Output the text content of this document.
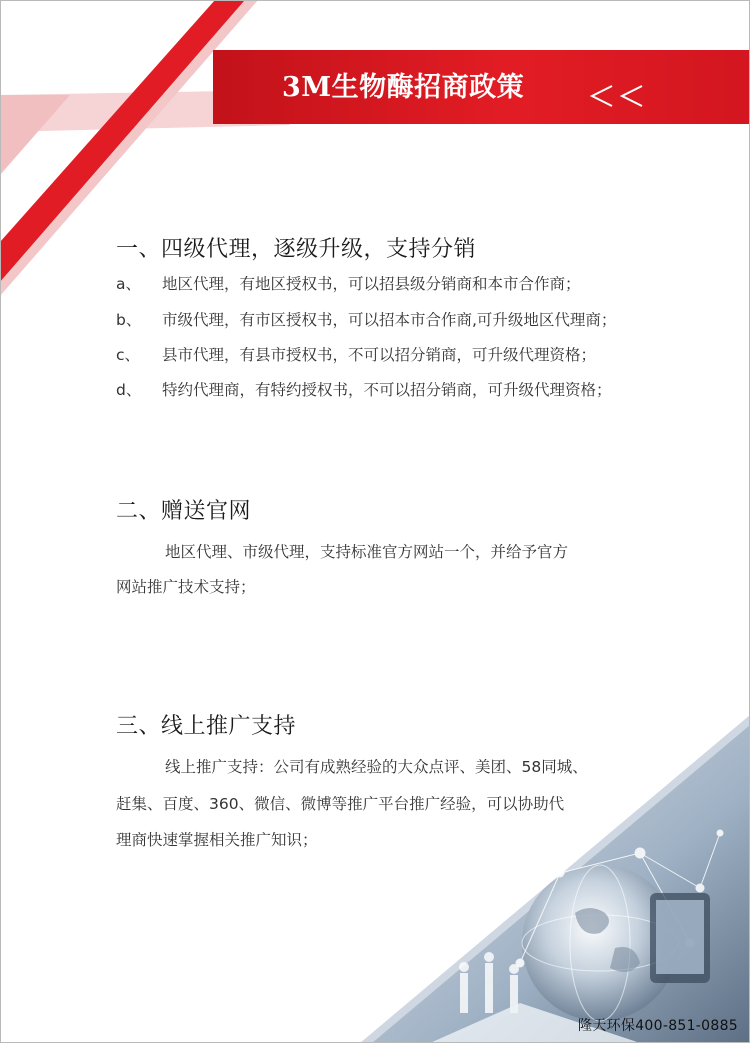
3M生物酶招商政策
一、四级代理，逐级升级，支持分销
a、 地区代理，有地区授权书，可以招县级分销商和本市合作商；
b、 市级代理，有市区授权书，可以招本市合作商,可升级地区代理商；
c、 县市代理，有县市授权书，不可以招分销商，可升级代理资格；
d、 特约代理商，有特约授权书，不可以招分销商，可升级代理资格；
二、赠送官网
地区代理、市级代理，支持标准官方网站一个，并给予官方
网站推广技术支持；
三、线上推广支持
线上推广支持：公司有成熟经验的大众点评、美团、58同城、
赶集、百度、360、微信、微博等推广平台推广经验，可以协助代
理商快速掌握相关推广知识；
隆天环保400-851-0885
